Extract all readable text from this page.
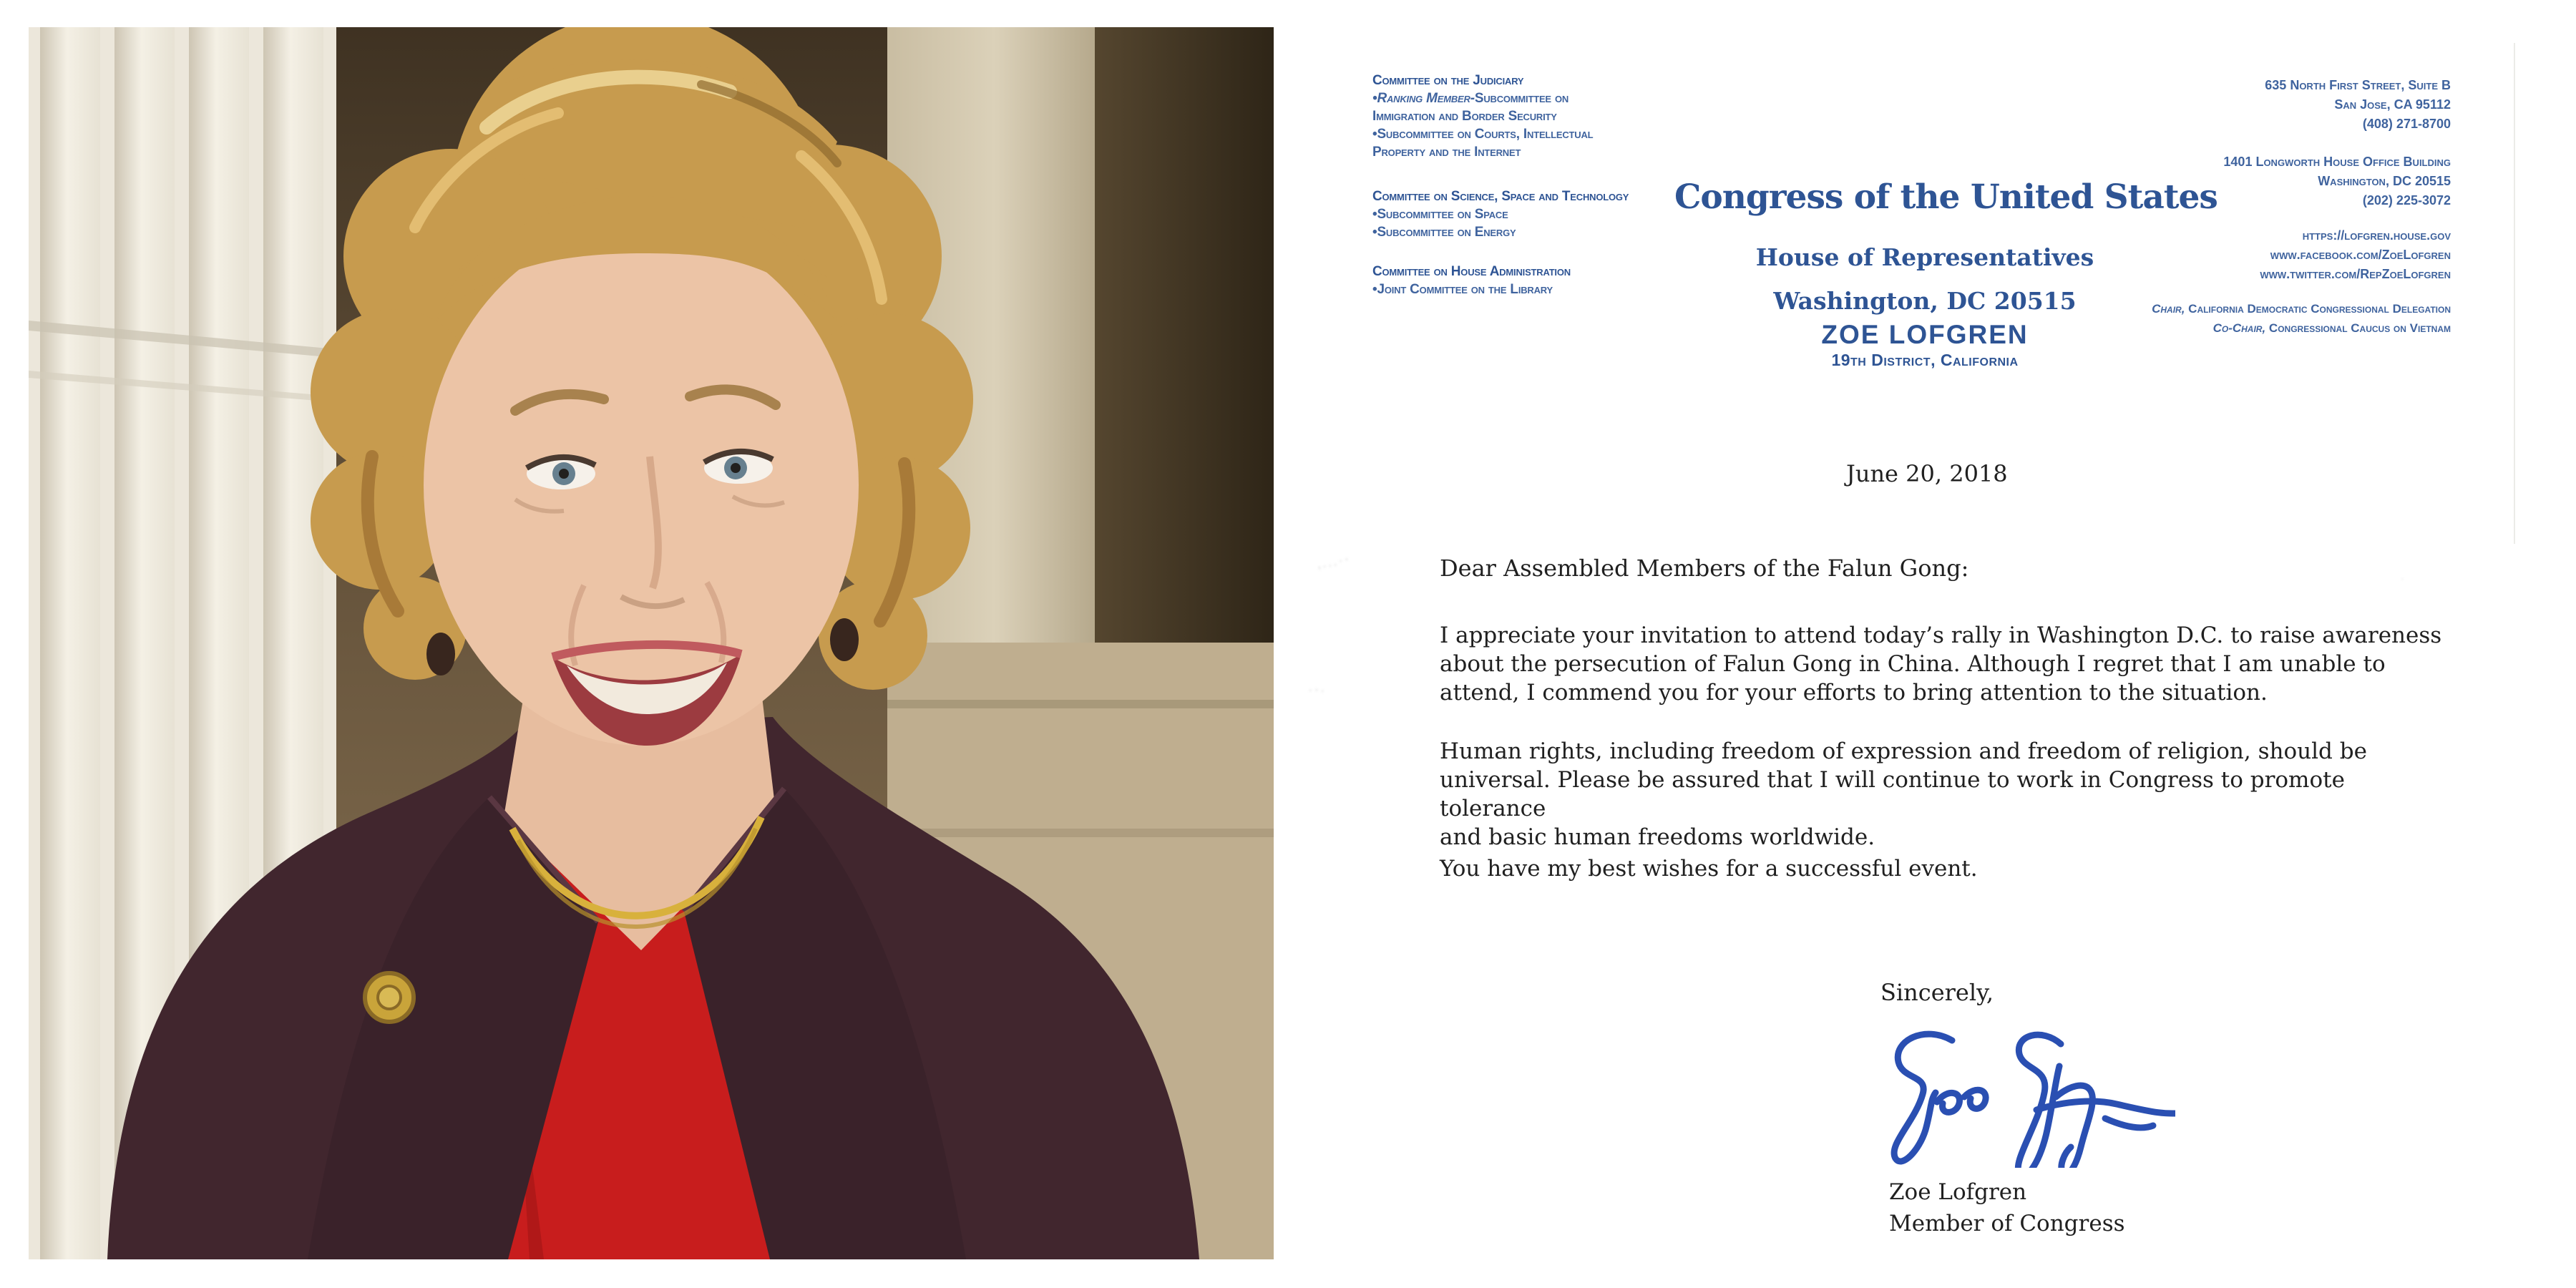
,...·⋅
·⋅·
·
Committee on the Judiciary
•Ranking Member-Subcommittee on
Immigration and Border Security
•Subcommittee on Courts, Intellectual
Property and the Internet
Committee on Science, Space and Technology
•Subcommittee on Space
•Subcommittee on Energy
Committee on House Administration
•Joint Committee on the Library
Congress of the United States
House of Representatives
Washington, DC 20515
ZOE LOFGREN
19th District, California
635 North First Street, Suite B
San Jose, CA 95112
(408) 271-8700
1401 Longworth House Office Building
Washington, DC 20515
(202) 225-3072
https://lofgren.house.gov
www.facebook.com/ZoeLofgren
www.twitter.com/RepZoeLofgren
Chair, California Democratic Congressional Delegation
Co-Chair, Congressional Caucus on Vietnam
June 20, 2018
Dear Assembled Members of the Falun Gong:
I appreciate your invitation to attend today’s rally in Washington D.C. to raise awareness
about the persecution of Falun Gong in China. Although I regret that I am unable to
attend, I commend you for your efforts to bring attention to the situation.
Human rights, including freedom of expression and freedom of religion, should be
universal. Please be assured that I will continue to work in Congress to promote tolerance
and basic human freedoms worldwide.
You have my best wishes for a successful event.
Sincerely,
Zoe Lofgren
Member of Congress
